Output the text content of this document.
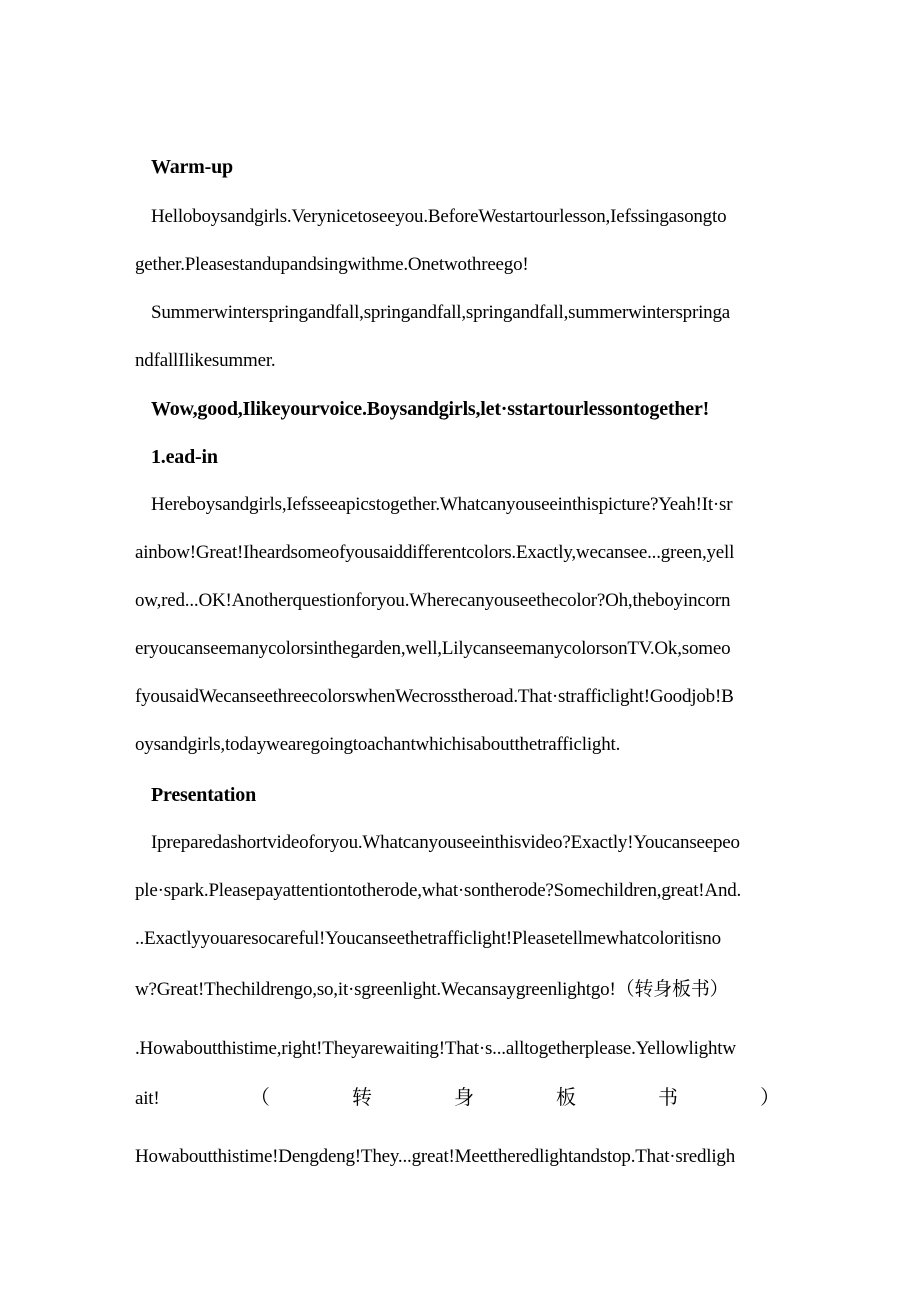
Warm-up
Helloboysandgirls.Verynicetoseeyou.BeforeWestartourlesson,Iefssingasongto
gether.Pleasestandupandsingwithme.Onetwothreego!
Summerwinterspringandfall,springandfall,springandfall,summerwinterspringa
ndfallIlikesummer.
Wow,good,Ilikeyourvoice.Boysandgirls,let·sstartourlessontogether!
1.ead-in
Hereboysandgirls,Iefsseeapicstogether.Whatcanyouseeinthispicture?Yeah!It·sr
ainbow!Great!Iheardsomeofyousaiddifferentcolors.Exactly,wecansee...green,yell
ow,red...OK!Anotherquestionforyou.Wherecanyouseethecolor?Oh,theboyincorn
eryoucanseemanycolorsinthegarden,well,LilycanseemanycolorsonTV.Ok,someo
fyousaidWecanseethreecolorswhenWecrosstheroad.That·strafficlight!Goodjob!B
oysandgirls,todaywearegoingtoachantwhichisaboutthetrafficlight.
Presentation
Ipreparedashortvideoforyou.Whatcanyouseeinthisvideo?Exactly!Youcanseepeo
ple·spark.Pleasepayattentiontotherode,what·sontherode?Somechildren,great!And.
..Exactlyyouaresocareful!Youcanseethetrafficlight!Pleasetellmewhatcoloritisno
w?Great!Thechildrengo,so,it·sgreenlight.Wecansaygreenlightgo!（转身板书）
.Howaboutthistime,right!Theyarewaiting!That·s...alltogetherplease.Yellowlightw
ait!	（	转	身	板	书	）
Howaboutthistime!Dengdeng!They...great!Meettheredlightandstop.That·sredligh
